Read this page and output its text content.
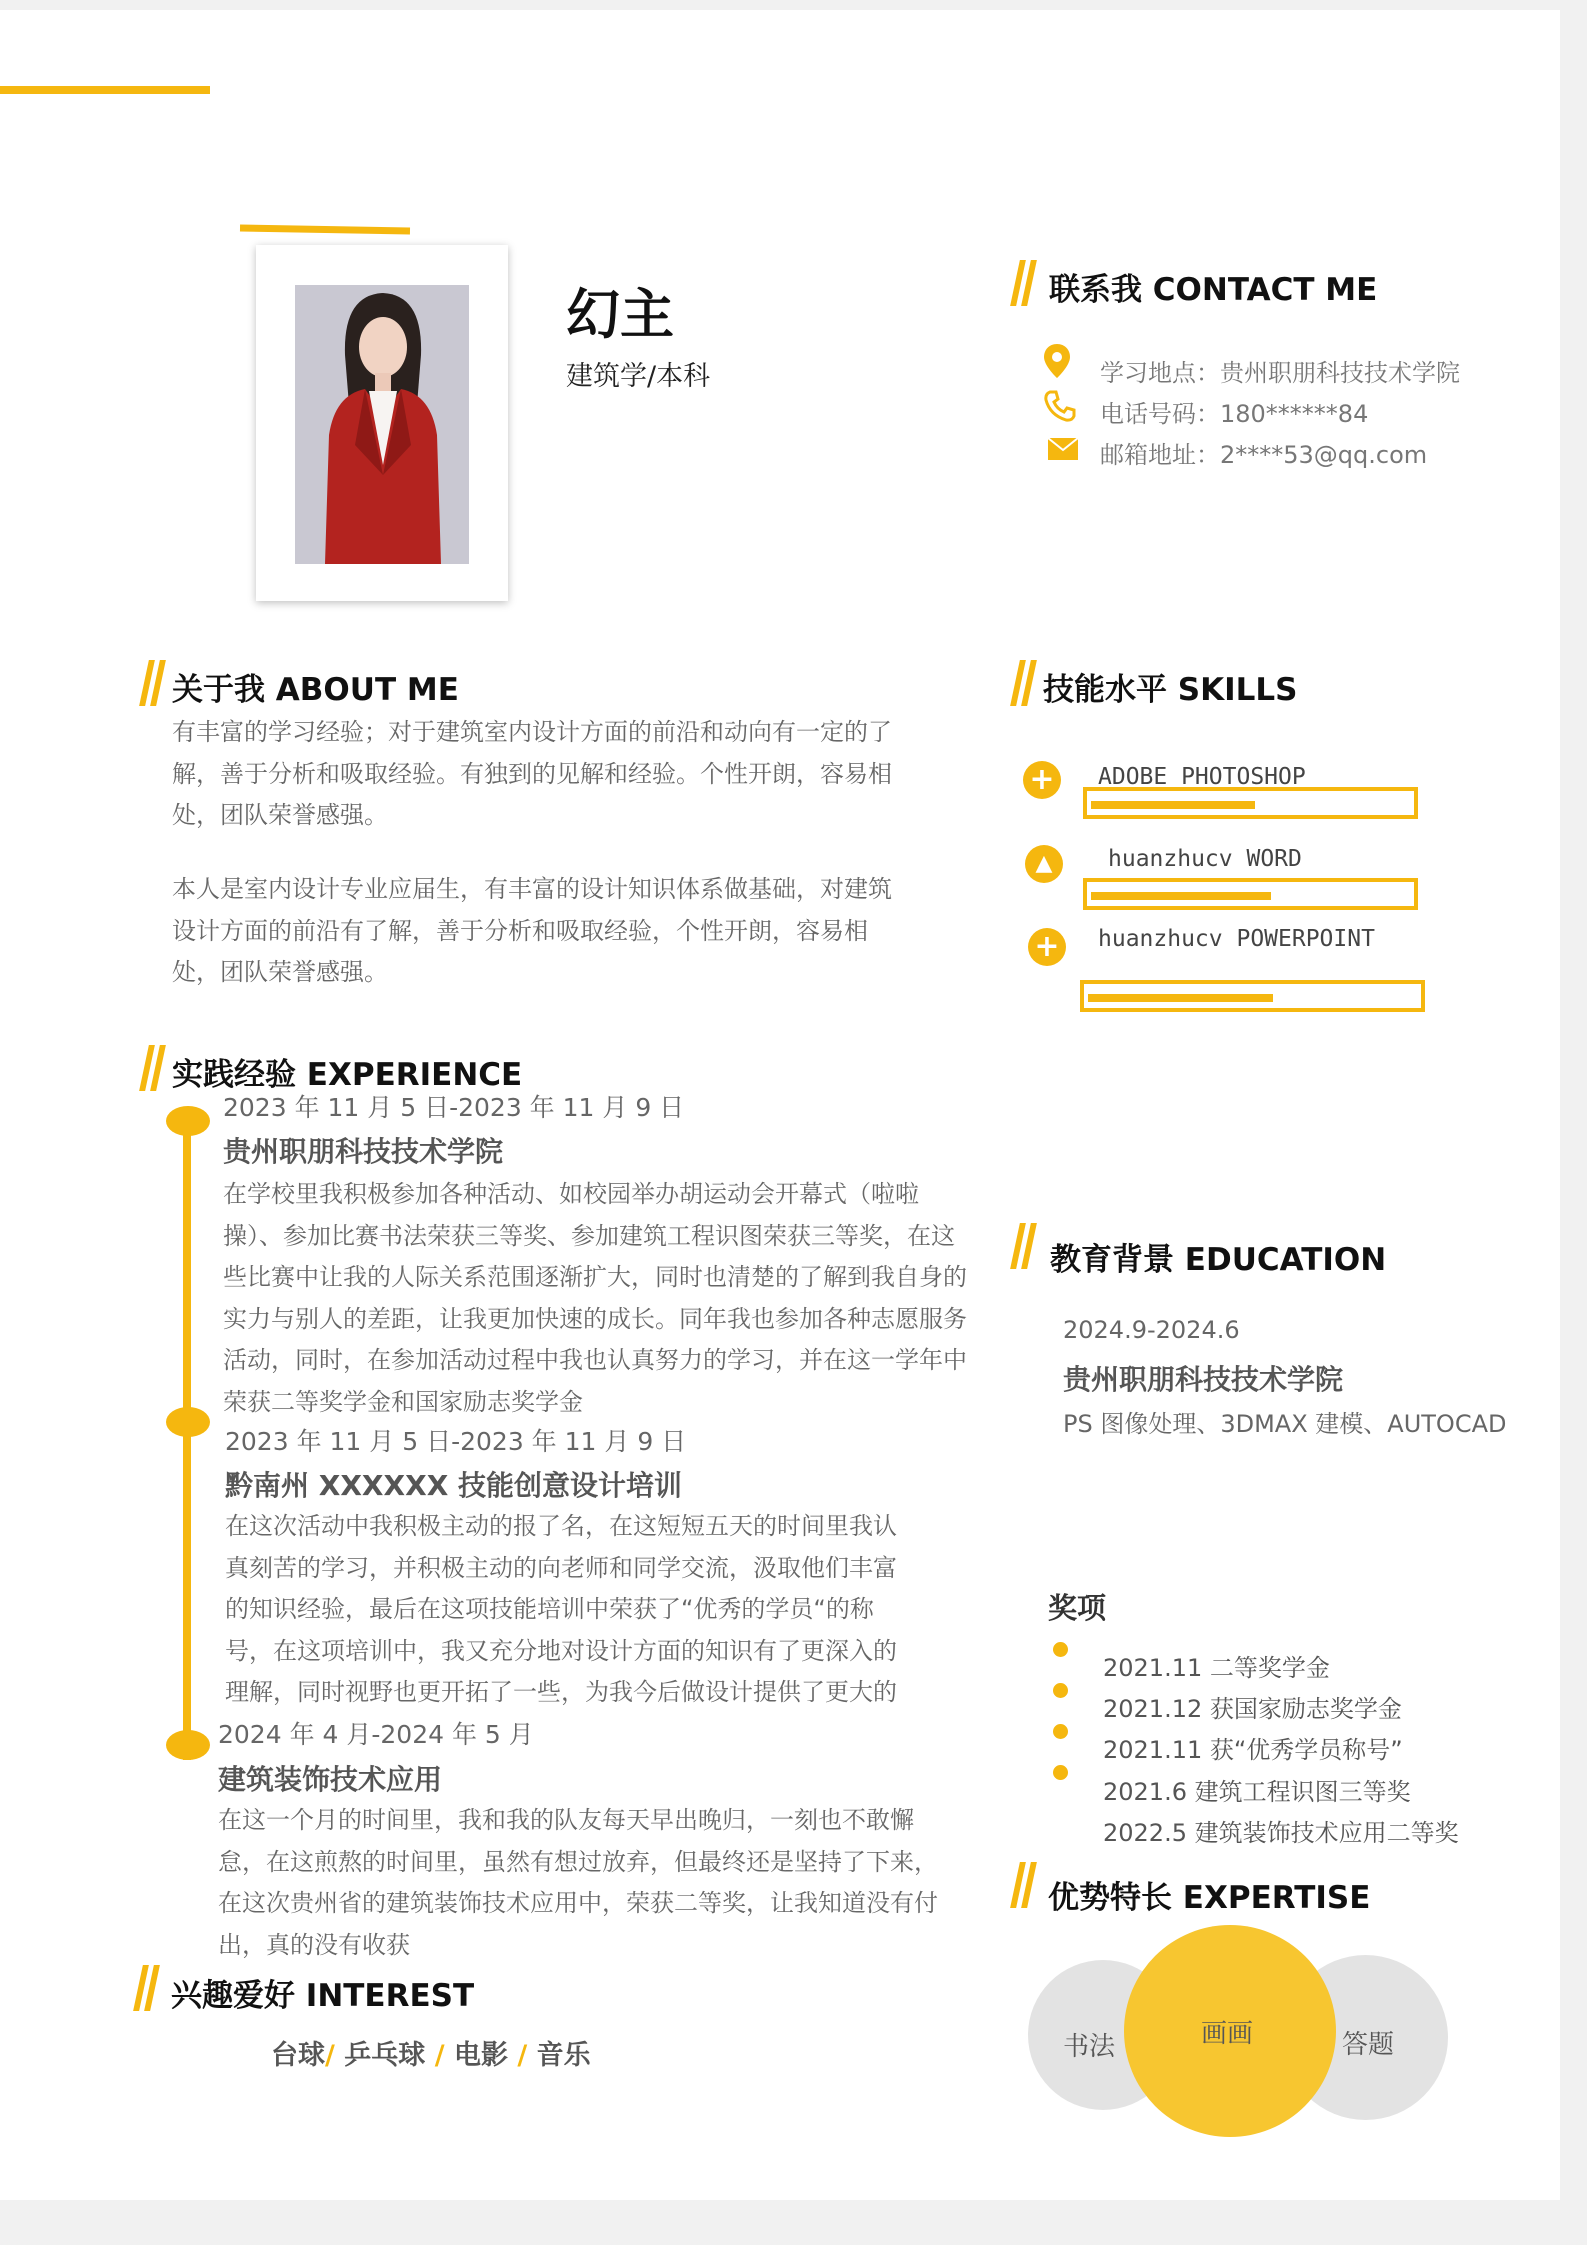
幻主
建筑学/本科
联系我 CONTACT ME
学习地点：贵州职朋科技技术学院
电话号码：180******84
邮箱地址：2****53@qq.com
关于我 ABOUT ME
有丰富的学习经验；对于建筑室内设计方面的前沿和动向有一定的了解，善于分析和吸取经验。有独到的见解和经验。个性开朗，容易相处，团队荣誉感强。
本人是室内设计专业应届生，有丰富的设计知识体系做基础，对建筑设计方面的前沿有了解，善于分析和吸取经验，个性开朗，容易相处，团队荣誉感强。
技能水平 SKILLS
+ ADOBE PHOTOSHOP
▲	huanzhucv WORD
+ huanzhucv POWERPOINT
实践经验 EXPERIENCE
2023 年 11 月 5 日-2023 年 11 月 9 日
贵州职朋科技技术学院
在学校里我积极参加各种活动、如校园举办胡运动会开幕式（啦啦操）、参加比赛书法荣获三等奖、参加建筑工程识图荣获三等奖，在这些比赛中让我的人际关系范围逐渐扩大，同时也清楚的了解到我自身的实力与别人的差距，让我更加快速的成长。同年我也参加各种志愿服务活动，同时，在参加活动过程中我也认真努力的学习，并在这一学年中荣获二等奖学金和国家励志奖学金
2023 年 11 月 5 日-2023 年 11 月 9 日
黔南州 XXXXXX 技能创意设计培训
在这次活动中我积极主动的报了名，在这短短五天的时间里我认真刻苦的学习，并积极主动的向老师和同学交流，汲取他们丰富的知识经验，最后在这项技能培训中荣获了“优秀的学员“的称号，在这项培训中，我又充分地对设计方面的知识有了更深入的理解，同时视野也更开拓了一些，为我今后做设计提供了更大的
2024 年 4 月-2024 年 5 月
建筑装饰技术应用
在这一个月的时间里，我和我的队友每天早出晚归，一刻也不敢懈怠，在这煎熬的时间里，虽然有想过放弃，但最终还是坚持了下来，在这次贵州省的建筑装饰技术应用中，荣获二等奖，让我知道没有付出，真的没有收获
教育背景 EDUCATION
2024.9-2024.6
贵州职朋科技技术学院
PS 图像处理、3DMAX 建模、AUTOCAD
奖项
2021.11 二等奖学金
2021.12 获国家励志奖学金
2021.11 获“优秀学员称号”
2021.6 建筑工程识图三等奖
2022.5 建筑装饰技术应用二等奖
优势特长 EXPERTISE
书法	画画	答题
兴趣爱好 INTEREST
台球/ 乒乓球 / 电影 / 音乐
